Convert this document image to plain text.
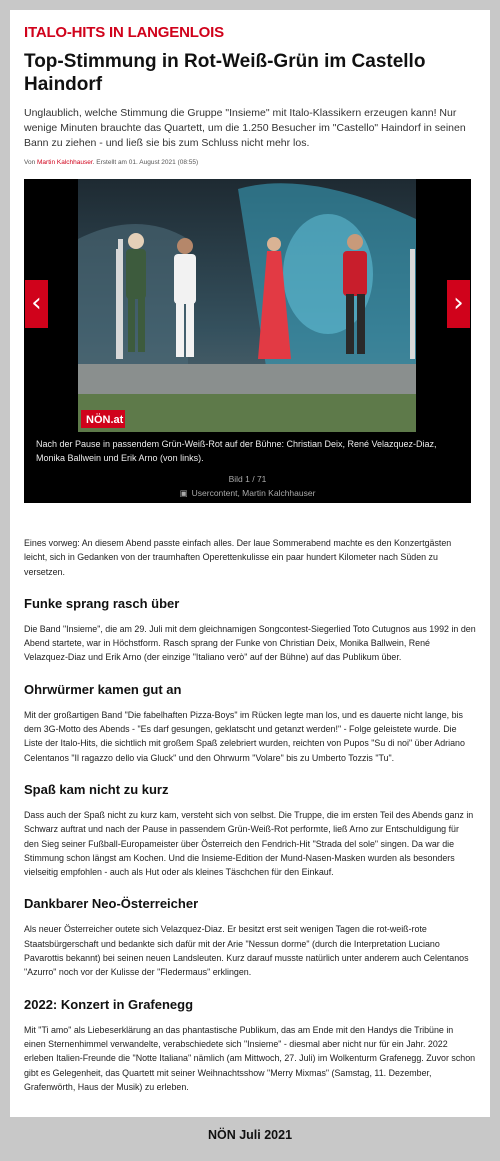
ITALO-HITS IN LANGENLOIS
Top-Stimmung in Rot-Weiß-Grün im Castello Haindorf

Unglaublich, welche Stimmung die Gruppe "Insieme" mit Italo-Klassikern erzeugen kann! Nur wenige Minuten brauchte das Quartett, um die 1.250 Besucher im "Castello" Haindorf in seinen Bann zu ziehen - und ließ sie bis zum Schluss nicht mehr los.

Von Martin Kalchhauser. Erstellt am 01. August 2021 (08:55)
NÖN.at
‹	›
Nach der Pause in passendem Grün-Weiß-Rot auf der Bühne: Christian Deix, René Velazquez-Diaz, Monika Ballwein und Erik Arno (von links).
Bild 1 / 71
▣ Usercontent, Martin Kalchhauser

Eines vorweg: An diesem Abend passte einfach alles. Der laue Sommerabend machte es den Konzertgästen leicht, sich in Gedanken von der traumhaften Operettenkulisse ein paar hundert Kilometer nach Süden zu versetzen.

Funke sprang rasch über

Die Band "Insieme", die am 29. Juli mit dem gleichnamigen Songcontest-Siegerlied Toto Cutugnos aus 1992 in den Abend startete, war in Höchstform. Rasch sprang der Funke von Christian Deix, Monika Ballwein, René Velazquez-Diaz und Erik Arno (der einzige "Italiano verò" auf der Bühne) auf das Publikum über.

Ohrwürmer kamen gut an

Mit der großartigen Band "Die fabelhaften Pizza-Boys" im Rücken legte man los, und es dauerte nicht lange, bis dem 3G-Motto des Abends - "Es darf gesungen, geklatscht und getanzt werden!" - Folge geleistete wurde. Die Liste der Italo-Hits, die sichtlich mit großem Spaß zelebriert wurden, reichten von Pupos "Su di noi" über Adriano Celentanos "Il ragazzo dello via Gluck" und den Ohrwurm "Volare" bis zu Umberto Tozzis "Tu".

Spaß kam nicht zu kurz

Dass auch der Spaß nicht zu kurz kam, versteht sich von selbst. Die Truppe, die im ersten Teil des Abends ganz in Schwarz auftrat und nach der Pause in passendem Grün-Weiß-Rot performte, ließ Arno zur Entschuldigung für den Sieg seiner Fußball-Europameister über Österreich den Fendrich-Hit "Strada del sole" singen. Da war die Stimmung schon längst am Kochen. Und die Insieme-Edition der Mund-Nasen-Masken wurden als besonders vielseitig empfohlen - auch als Hut oder als kleines Täschchen für den Einkauf.

Dankbarer Neo-Österreicher

Als neuer Österreicher outete sich Velazquez-Diaz. Er besitzt erst seit wenigen Tagen die rot-weiß-rote Staatsbürgerschaft und bedankte sich dafür mit der Arie "Nessun dorme" (durch die Interpretation Luciano Pavarottis bekannt) bei seinen neuen Landsleuten. Kurz darauf musste natürlich unter anderem auch Celentanos "Azurro" noch vor der Kulisse der "Fledermaus" erklingen.

2022: Konzert in Grafenegg

Mit "Ti amo" als Liebeserklärung an das phantastische Publikum, das am Ende mit den Handys die Tribüne in einen Sternenhimmel verwandelte, verabschiedete sich "Insieme" - diesmal aber nicht nur für ein Jahr. 2022 erleben Italien-Freunde die "Notte Italiana" nämlich (am Mittwoch, 27. Juli) im Wolkenturm Grafenegg. Zuvor schon gibt es Gelegenheit, das Quartett mit seiner Weihnachtsshow "Merry Mixmas" (Samstag, 11. Dezember, Grafenwörth, Haus der Musik) zu erleben.

NÖN Juli 2021
